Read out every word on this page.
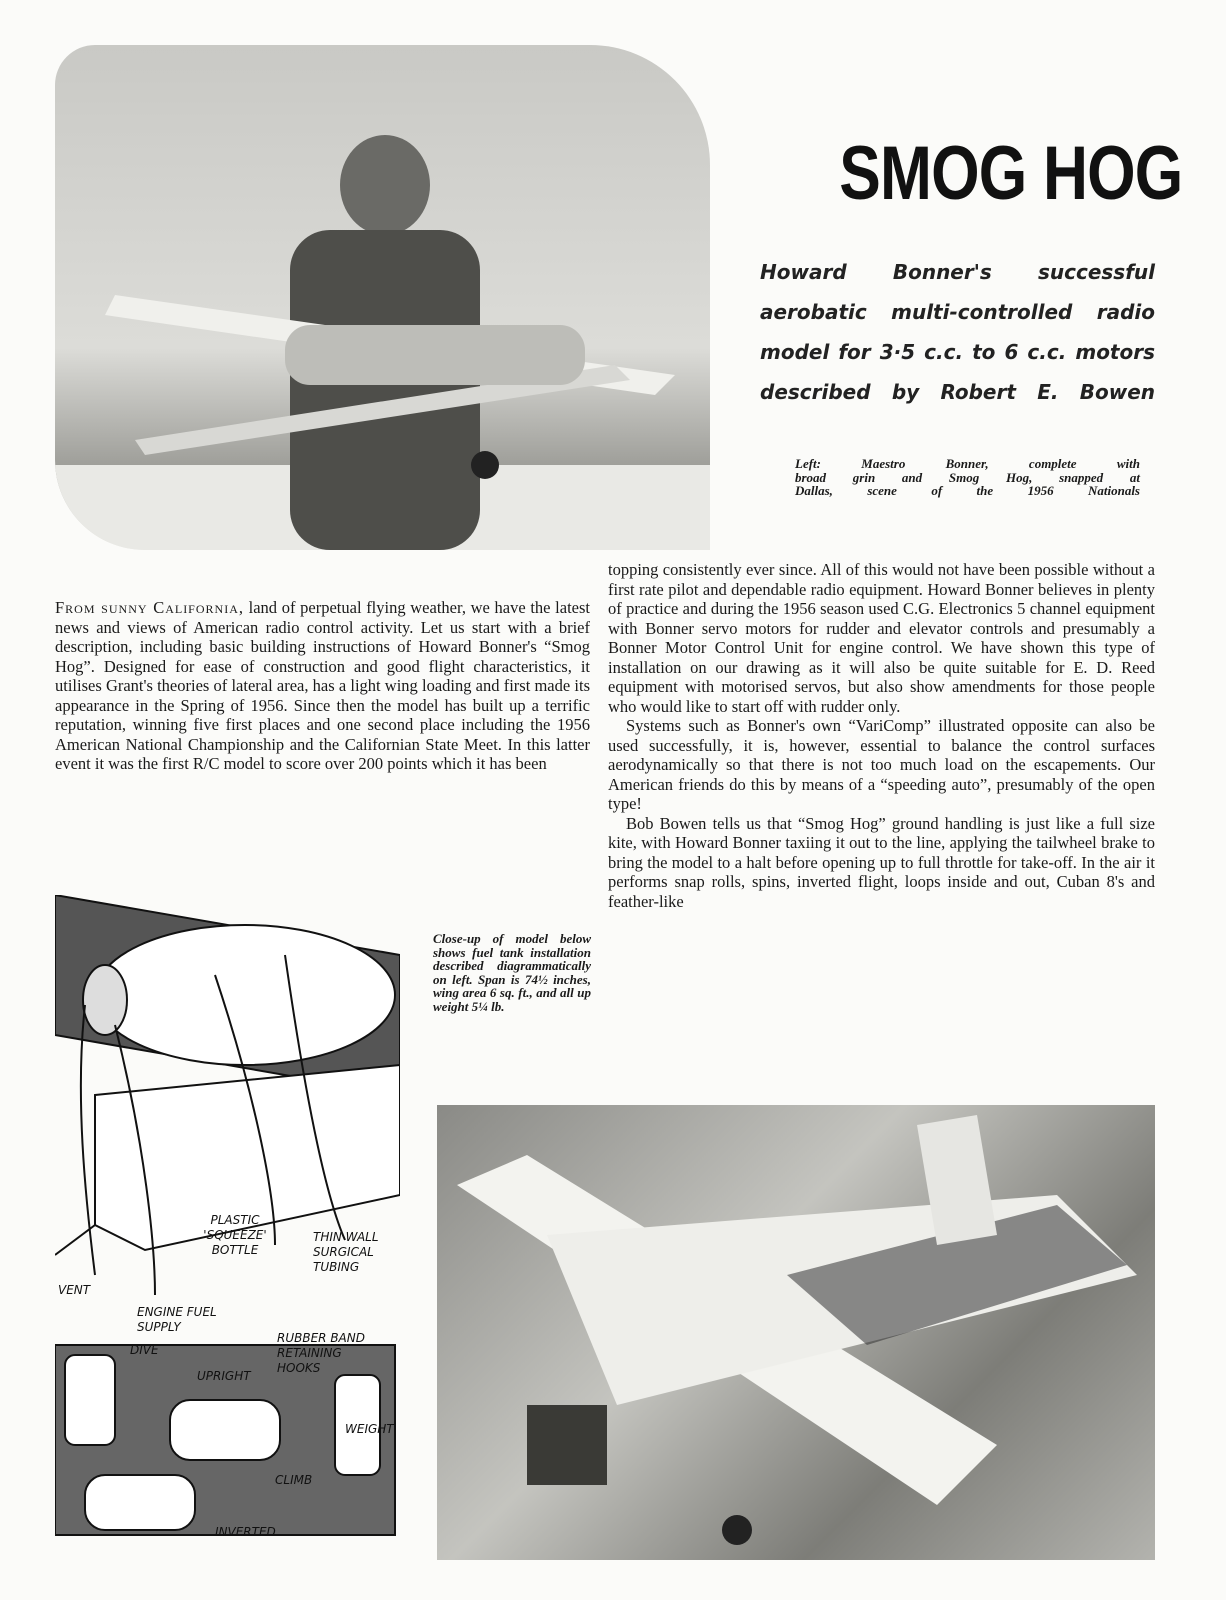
SMOG HOG
Howard Bonner's successful
aerobatic multi-controlled radio
model for 3·5 c.c. to 6 c.c. motors
described by Robert E. Bowen
Left: Maestro Bonner, complete with
broad grin and Smog Hog, snapped at
Dallas, scene of the 1956 Nationals

From sunny California, land of perpetual flying weather, we have the latest news and views of American radio control activity. Let us start with a brief description, including basic building instructions of Howard Bonner's “Smog Hog”. Designed for ease of construction and good flight characteristics, it utilises Grant's theories of lateral area, has a light wing loading and first made its appearance in the Spring of 1956. Since then the model has built up a terrific reputation, winning five first places and one second place including the 1956 American National Championship and the Californian State Meet. In this latter event it was the first R/C model to score over 200 points which it has been

topping consistently ever since. All of this would not have been possible without a first rate pilot and dependable radio equipment. Howard Bonner believes in plenty of practice and during the 1956 season used C.G. Electronics 5 channel equipment with Bonner servo motors for rudder and elevator controls and presumably a Bonner Motor Control Unit for engine control. We have shown this type of installation on our drawing as it will also be quite suitable for E. D. Reed equipment with motorised servos, but also show amendments for those people who would like to start off with rudder only.

Systems such as Bonner's own “VariComp” illustrated opposite can also be used successfully, it is, however, essential to balance the control surfaces aerodynamically so that there is not too much load on the escapements. Our American friends do this by means of a “speeding auto”, presumably of the open type!

Bob Bowen tells us that “Smog Hog” ground handling is just like a full size kite, with Howard Bonner taxiing it out to the line, applying the tailwheel brake to bring the model to a halt before opening up to full throttle for take-off. In the air it performs snap rolls, spins, inverted flight, loops inside and out, Cuban 8's and feather-like

Close-up of model below shows fuel tank installation described diagrammatically on left. Span is 74½ inches, wing area 6 sq. ft., and all up weight 5¼ lb.
WEIGHT
PLASTIC 'SQUEEZE' BOTTLE
THIN WALL SURGICAL TUBING
VENT
ENGINE FUEL SUPPLY
RUBBER BAND RETAINING HOOKS
DIVE
UPRIGHT
CLIMB
INVERTED
